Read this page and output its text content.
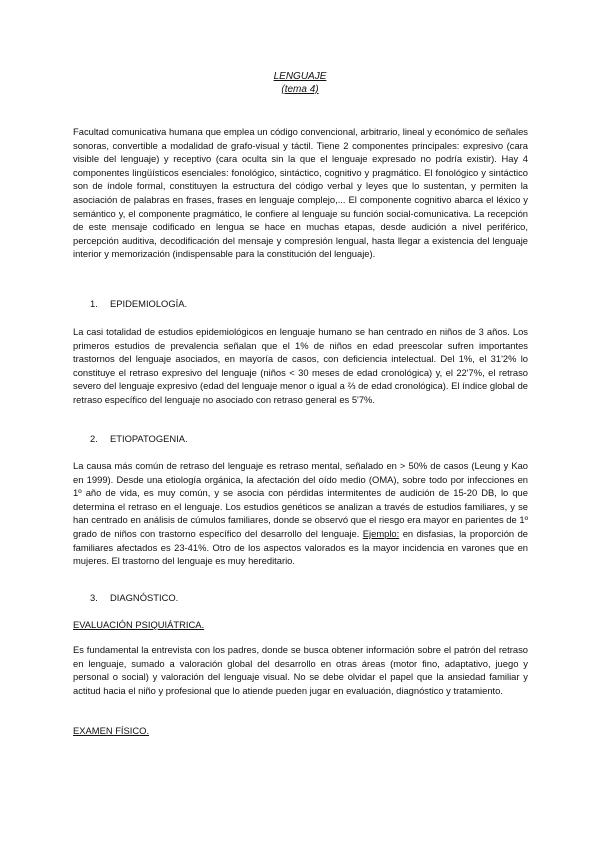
LENGUAJE

(tema 4)

Facultad comunicativa humana que emplea un código convencional, arbitrario, lineal y económico de señales sonoras, convertible a modalidad de grafo-visual y táctil. Tiene 2 componentes principales: expresivo (cara visible del lenguaje) y receptivo (cara oculta sin la que el lenguaje expresado no podría existir). Hay 4 componentes lingüísticos esenciales: fonológico, sintáctico, cognitivo y pragmático. El fonológico y sintáctico son de índole formal, constituyen la estructura del código verbal y leyes que lo sustentan, y permiten la asociación de palabras en frases, frases en lenguaje complejo,... El componente cognitivo abarca el léxico y semántico y, el componente pragmático, le confiere al lenguaje su función social-comunicativa. La recepción de este mensaje codificado en lengua se hace en muchas etapas, desde audición a nivel periférico, percepción auditiva, decodificación del mensaje y compresión lengual, hasta llegar a existencia del lenguaje interior y memorización (indispensable para la constitución del lenguaje).

1. EPIDEMIOLOGÍA.

La casi totalidad de estudios epidemiológicos en lenguaje humano se han centrado en niños de 3 años. Los primeros estudios de prevalencia señalan que el 1% de niños en edad preescolar sufren importantes trastornos del lenguaje asociados, en mayoría de casos, con deficiencia intelectual. Del 1%, el 31'2% lo constituye el retraso expresivo del lenguaje (niños < 30 meses de edad cronológica) y, el 22'7%, el retraso severo del lenguaje expresivo (edad del lenguaje menor o igual a ⅔ de edad cronológica). El índice global de retraso específico del lenguaje no asociado con retraso general es 5'7%.

2. ETIOPATOGENIA.

La causa más común de retraso del lenguaje es retraso mental, señalado en > 50% de casos (Leung y Kao en 1999). Desde una etiología orgánica, la afectación del oído medio (OMA), sobre todo por infecciones en 1º año de vida, es muy común, y se asocia con pérdidas intermitentes de audición de 15-20 DB, lo que determina el retraso en el lenguaje. Los estudios genéticos se analizan a través de estudios familiares, y se han centrado en análisis de cúmulos familiares, donde se observó que el riesgo era mayor en parientes de 1º grado de niños con trastorno específico del desarrollo del lenguaje. Ejemplo: en disfasias, la proporción de familiares afectados es 23-41%. Otro de los aspectos valorados es la mayor incidencia en varones que en mujeres. El trastorno del lenguaje es muy hereditario.

3. DIAGNÓSTICO.

EVALUACIÓN PSIQUIÁTRICA.

Es fundamental la entrevista con los padres, donde se busca obtener información sobre el patrón del retraso en lenguaje, sumado a valoración global del desarrollo en otras áreas (motor fino, adaptativo, juego y personal o social) y valoración del lenguaje visual. No se debe olvidar el papel que la ansiedad familiar y actitud hacia el niño y profesional que lo atiende pueden jugar en evaluación, diagnóstico y tratamiento.

EXAMEN FÍSICO.
